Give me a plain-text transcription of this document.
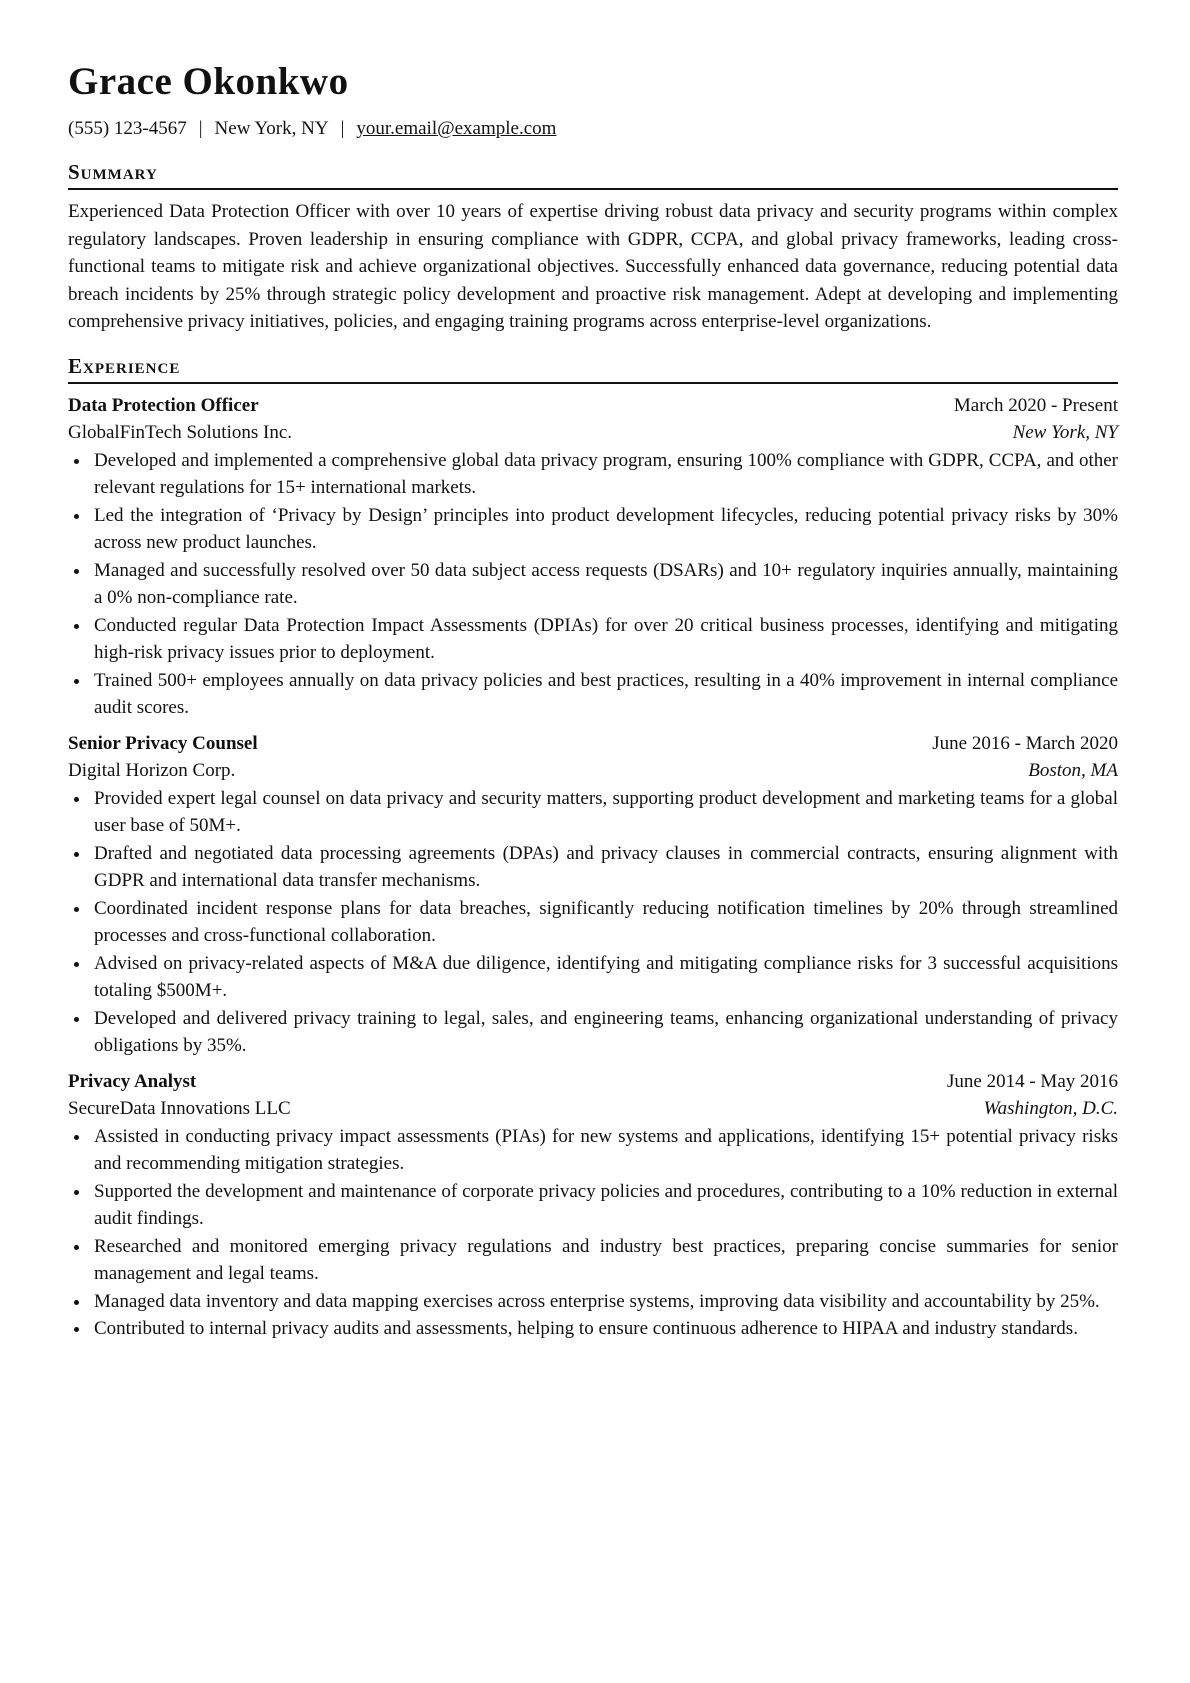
Grace Okonkwo
(555) 123-4567 | New York, NY | your.email@example.com
Summary

Experienced Data Protection Officer with over 10 years of expertise driving robust data privacy and security programs within complex regulatory landscapes. Proven leadership in ensuring compliance with GDPR, CCPA, and global privacy frameworks, leading cross-functional teams to mitigate risk and achieve organizational objectives. Successfully enhanced data governance, reducing potential data breach incidents by 25% through strategic policy development and proactive risk management. Adept at developing and implementing comprehensive privacy initiatives, policies, and engaging training programs across enterprise-level organizations.

Experience
Data Protection Officer	March 2020 - Present
GlobalFinTech Solutions Inc.	New York, NY
Developed and implemented a comprehensive global data privacy program, ensuring 100% compliance with GDPR, CCPA, and other relevant regulations for 15+ international markets.
Led the integration of ‘Privacy by Design’ principles into product development lifecycles, reducing potential privacy risks by 30% across new product launches.
Managed and successfully resolved over 50 data subject access requests (DSARs) and 10+ regulatory inquiries annually, maintaining a 0% non-compliance rate.
Conducted regular Data Protection Impact Assessments (DPIAs) for over 20 critical business processes, identifying and mitigating high-risk privacy issues prior to deployment.
Trained 500+ employees annually on data privacy policies and best practices, resulting in a 40% improvement in internal compliance audit scores.
Senior Privacy Counsel	June 2016 - March 2020
Digital Horizon Corp.	Boston, MA
Provided expert legal counsel on data privacy and security matters, supporting product development and marketing teams for a global user base of 50M+.
Drafted and negotiated data processing agreements (DPAs) and privacy clauses in commercial contracts, ensuring alignment with GDPR and international data transfer mechanisms.
Coordinated incident response plans for data breaches, significantly reducing notification timelines by 20% through streamlined processes and cross-functional collaboration.
Advised on privacy-related aspects of M&A due diligence, identifying and mitigating compliance risks for 3 successful acquisitions totaling $500M+.
Developed and delivered privacy training to legal, sales, and engineering teams, enhancing organizational understanding of privacy obligations by 35%.
Privacy Analyst	June 2014 - May 2016
SecureData Innovations LLC	Washington, D.C.
Assisted in conducting privacy impact assessments (PIAs) for new systems and applications, identifying 15+ potential privacy risks and recommending mitigation strategies.
Supported the development and maintenance of corporate privacy policies and procedures, contributing to a 10% reduction in external audit findings.
Researched and monitored emerging privacy regulations and industry best practices, preparing concise summaries for senior management and legal teams.
Managed data inventory and data mapping exercises across enterprise systems, improving data visibility and accountability by 25%.
Contributed to internal privacy audits and assessments, helping to ensure continuous adherence to HIPAA and industry standards.
